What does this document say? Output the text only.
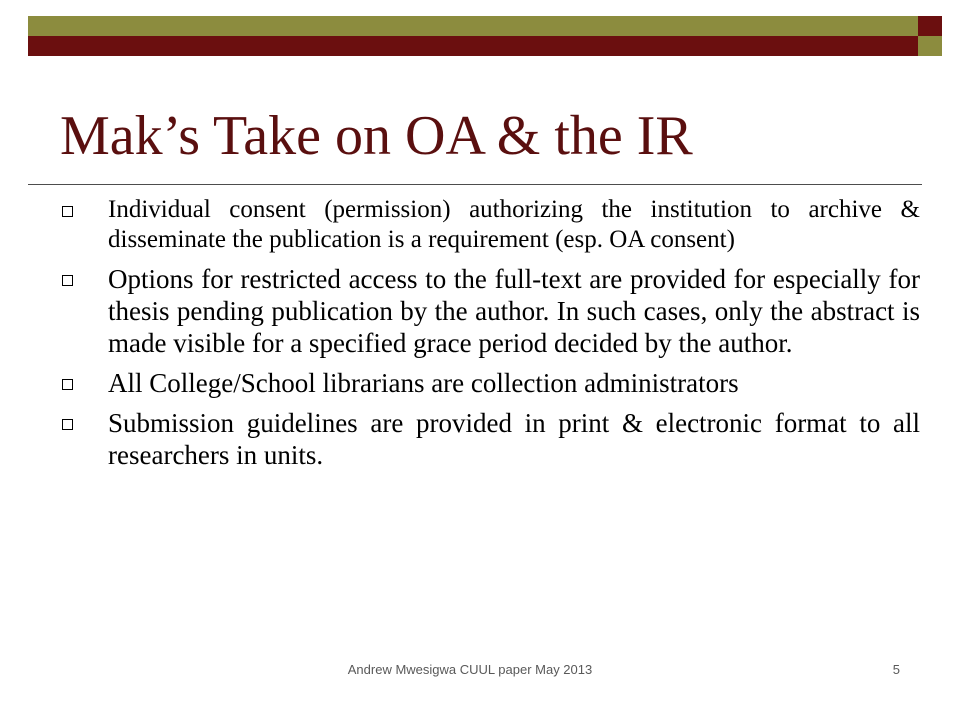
Mak’s Take on OA & the IR
Individual consent (permission) authorizing the institution to archive & disseminate the publication is a requirement (esp. OA consent)
Options for restricted access to the full-text are provided for especially for thesis pending publication by the author. In such cases, only the abstract is made visible for a specified grace period decided by the author.
All College/School librarians are collection administrators
Submission guidelines are provided in print & electronic format to all researchers in units.

Andrew Mwesigwa CUUL paper May 2013	5
